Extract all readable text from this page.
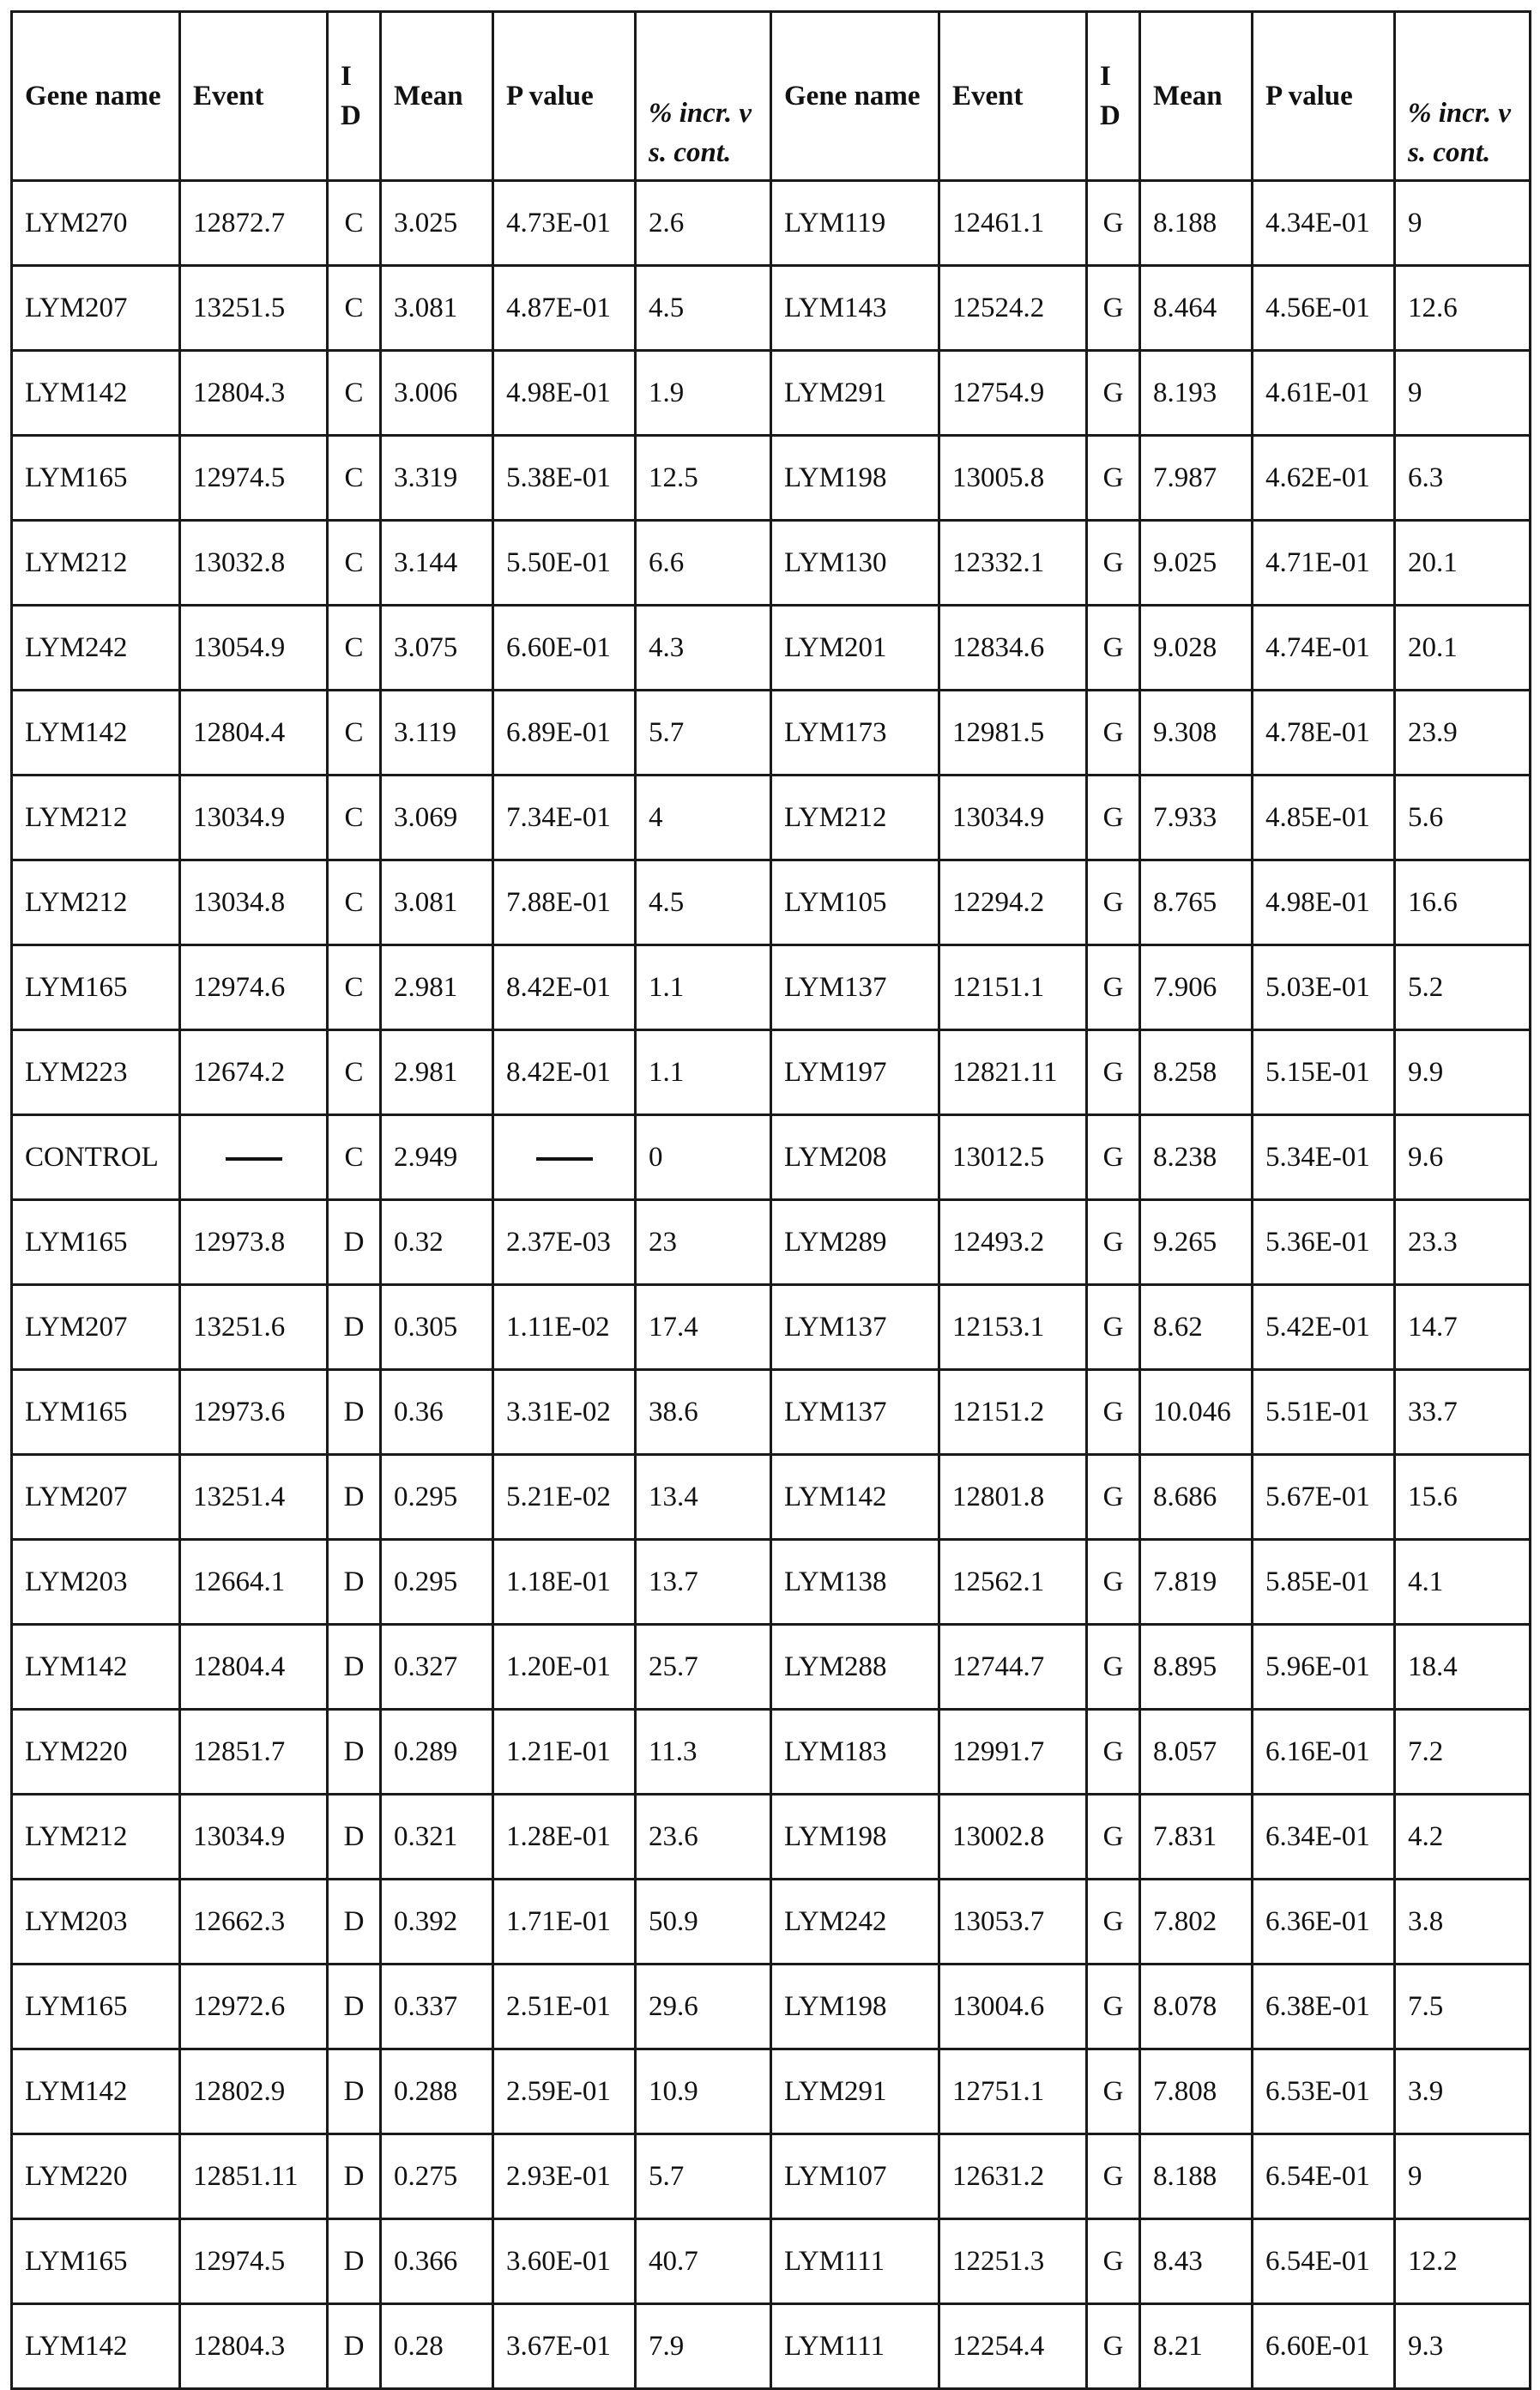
Gene name	Event	ID	Mean	P value	% incr. vs. cont.	Gene name	Event	ID	Mean	P value	% incr. vs. cont.
LYM270	12872.7	C	3.025	4.73E-01	2.6	LYM119	12461.1	G	8.188	4.34E-01	9
LYM207	13251.5	C	3.081	4.87E-01	4.5	LYM143	12524.2	G	8.464	4.56E-01	12.6
LYM142	12804.3	C	3.006	4.98E-01	1.9	LYM291	12754.9	G	8.193	4.61E-01	9
LYM165	12974.5	C	3.319	5.38E-01	12.5	LYM198	13005.8	G	7.987	4.62E-01	6.3
LYM212	13032.8	C	3.144	5.50E-01	6.6	LYM130	12332.1	G	9.025	4.71E-01	20.1
LYM242	13054.9	C	3.075	6.60E-01	4.3	LYM201	12834.6	G	9.028	4.74E-01	20.1
LYM142	12804.4	C	3.119	6.89E-01	5.7	LYM173	12981.5	G	9.308	4.78E-01	23.9
LYM212	13034.9	C	3.069	7.34E-01	4	LYM212	13034.9	G	7.933	4.85E-01	5.6
LYM212	13034.8	C	3.081	7.88E-01	4.5	LYM105	12294.2	G	8.765	4.98E-01	16.6
LYM165	12974.6	C	2.981	8.42E-01	1.1	LYM137	12151.1	G	7.906	5.03E-01	5.2
LYM223	12674.2	C	2.981	8.42E-01	1.1	LYM197	12821.11	G	8.258	5.15E-01	9.9
CONTROL		C	2.949		0	LYM208	13012.5	G	8.238	5.34E-01	9.6
LYM165	12973.8	D	0.32	2.37E-03	23	LYM289	12493.2	G	9.265	5.36E-01	23.3
LYM207	13251.6	D	0.305	1.11E-02	17.4	LYM137	12153.1	G	8.62	5.42E-01	14.7
LYM165	12973.6	D	0.36	3.31E-02	38.6	LYM137	12151.2	G	10.046	5.51E-01	33.7
LYM207	13251.4	D	0.295	5.21E-02	13.4	LYM142	12801.8	G	8.686	5.67E-01	15.6
LYM203	12664.1	D	0.295	1.18E-01	13.7	LYM138	12562.1	G	7.819	5.85E-01	4.1
LYM142	12804.4	D	0.327	1.20E-01	25.7	LYM288	12744.7	G	8.895	5.96E-01	18.4
LYM220	12851.7	D	0.289	1.21E-01	11.3	LYM183	12991.7	G	8.057	6.16E-01	7.2
LYM212	13034.9	D	0.321	1.28E-01	23.6	LYM198	13002.8	G	7.831	6.34E-01	4.2
LYM203	12662.3	D	0.392	1.71E-01	50.9	LYM242	13053.7	G	7.802	6.36E-01	3.8
LYM165	12972.6	D	0.337	2.51E-01	29.6	LYM198	13004.6	G	8.078	6.38E-01	7.5
LYM142	12802.9	D	0.288	2.59E-01	10.9	LYM291	12751.1	G	7.808	6.53E-01	3.9
LYM220	12851.11	D	0.275	2.93E-01	5.7	LYM107	12631.2	G	8.188	6.54E-01	9
LYM165	12974.5	D	0.366	3.60E-01	40.7	LYM111	12251.3	G	8.43	6.54E-01	12.2
LYM142	12804.3	D	0.28	3.67E-01	7.9	LYM111	12254.4	G	8.21	6.60E-01	9.3
